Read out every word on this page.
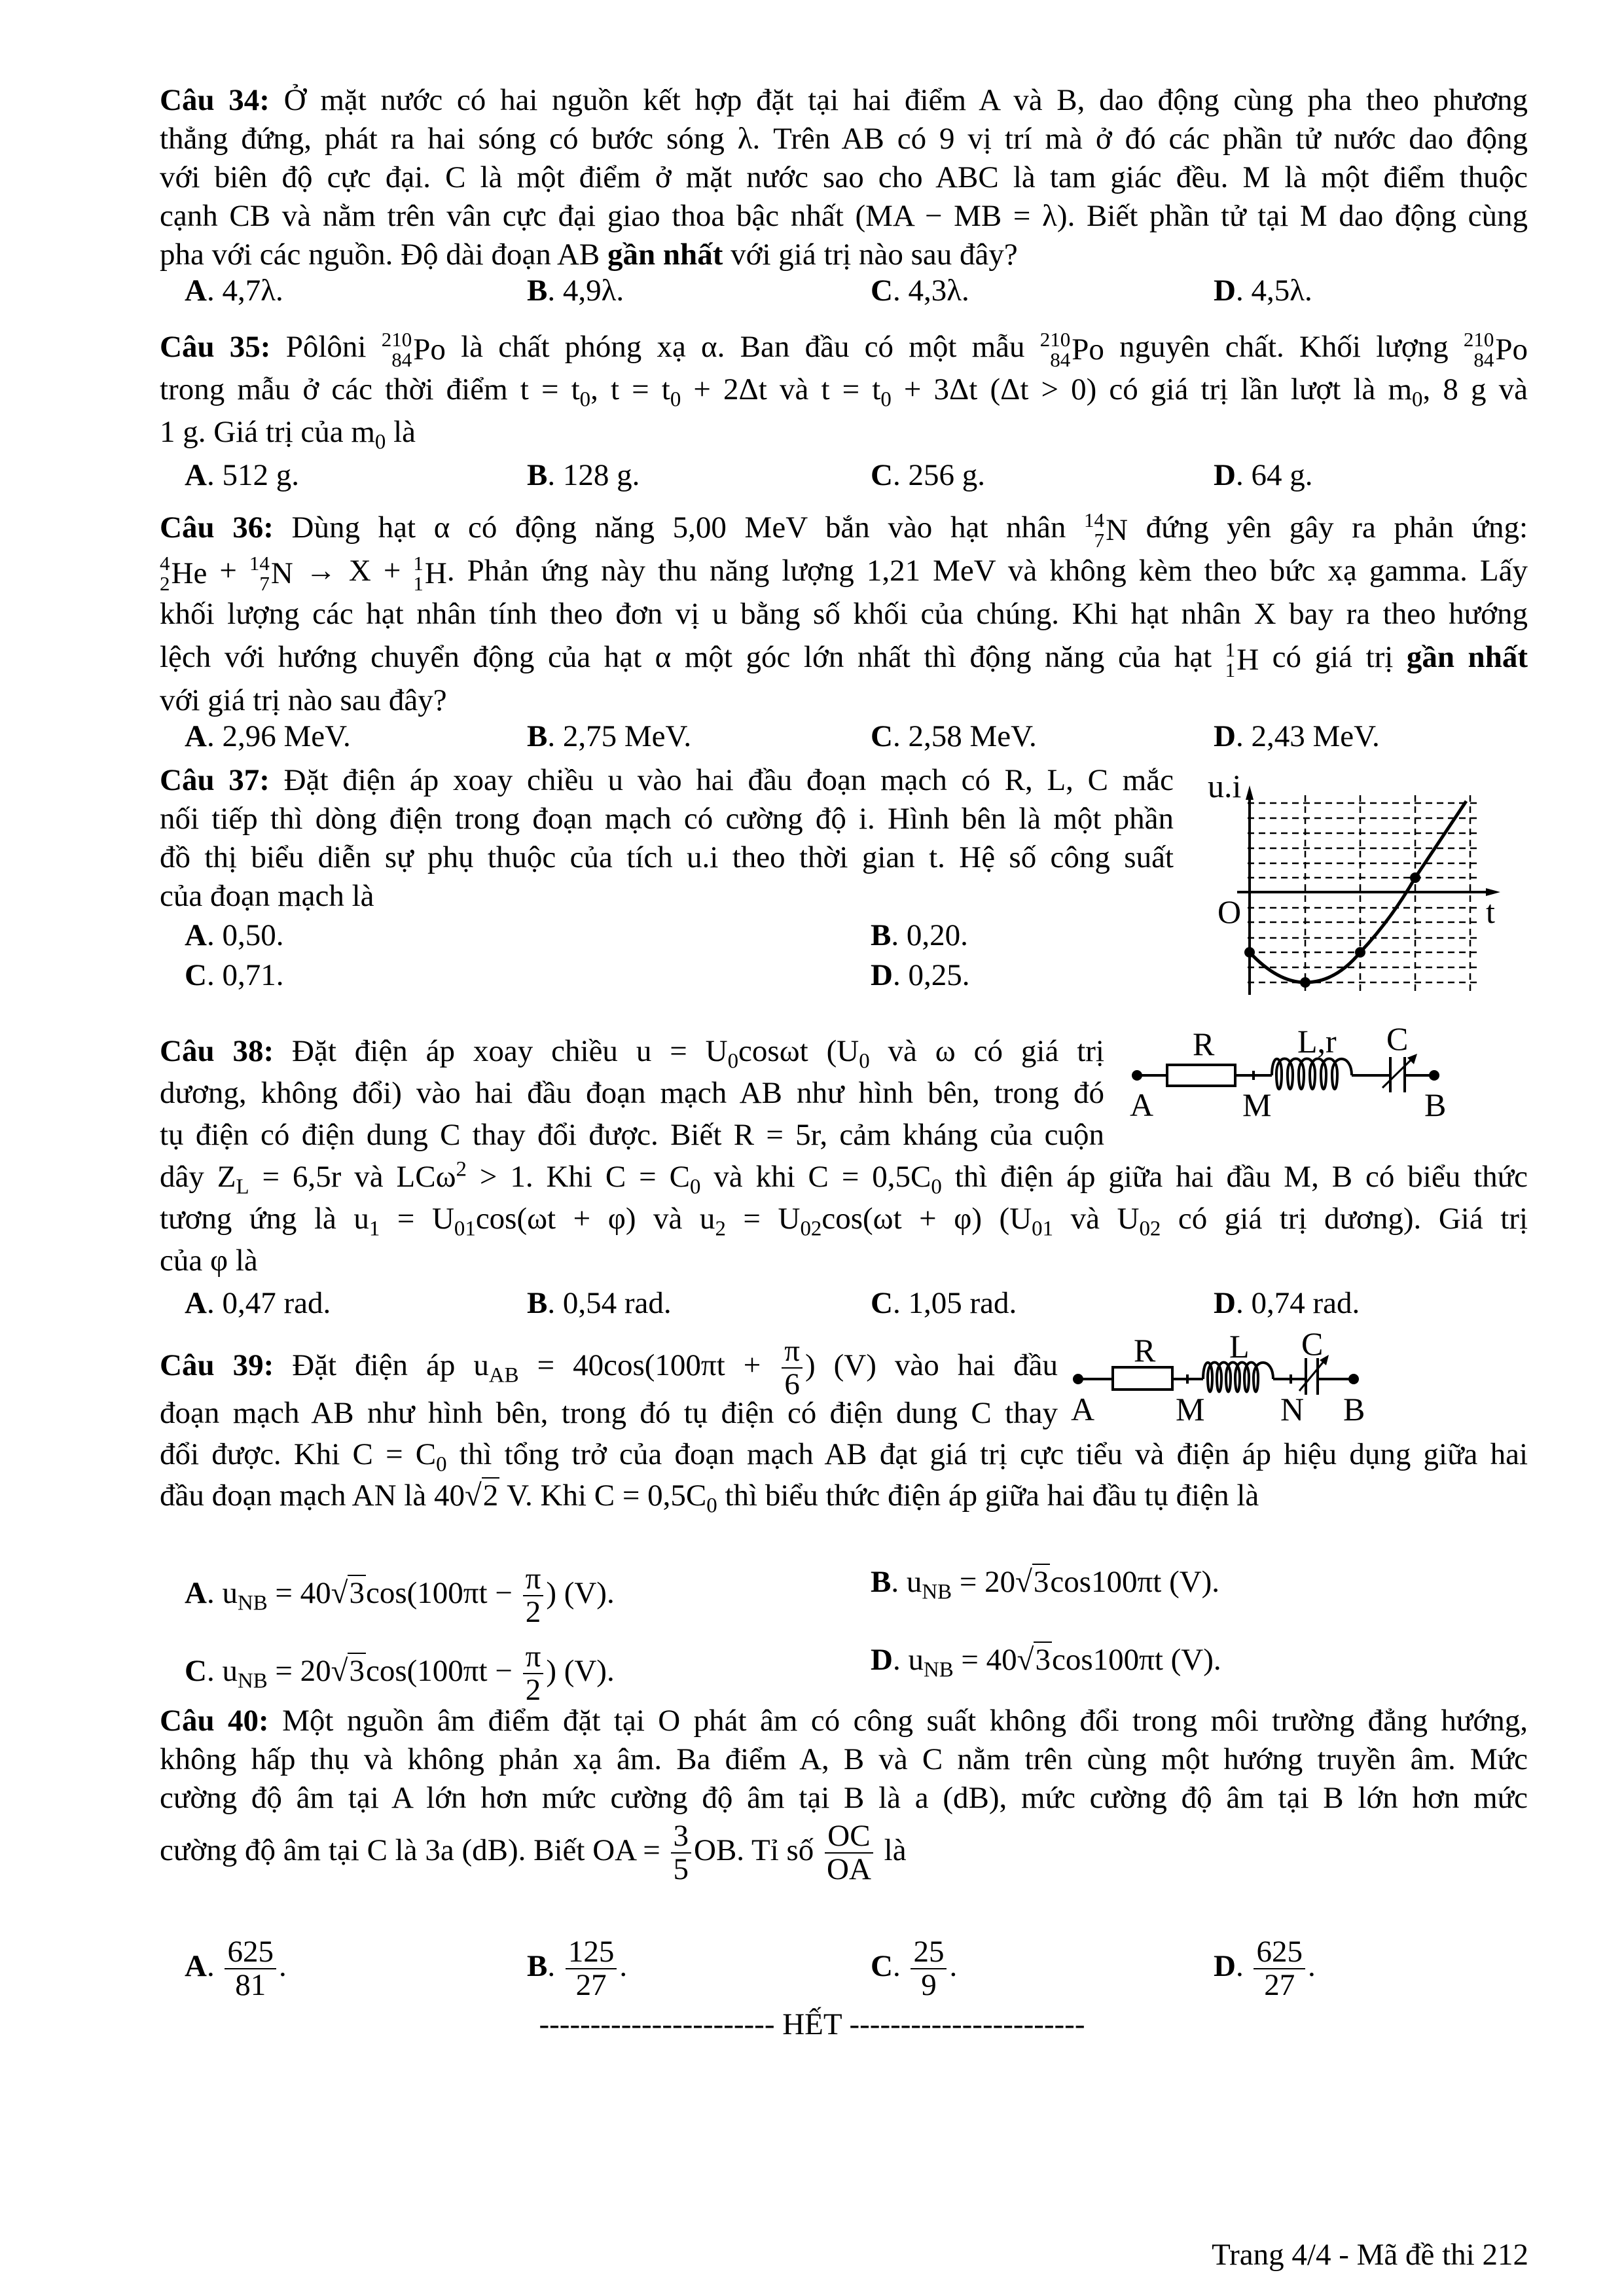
Câu 34: Ở mặt nước có hai nguồn kết hợp đặt tại hai điểm A và B, dao động cùng pha theo phương
thẳng đứng, phát ra hai sóng có bước sóng λ. Trên AB có 9 vị trí mà ở đó các phần tử nước dao động
với biên độ cực đại. C là một điểm ở mặt nước sao cho ABC là tam giác đều. M là một điểm thuộc
cạnh CB và nằm trên vân cực đại giao thoa bậc nhất (MA − MB = λ). Biết phần tử tại M dao động cùng
pha với các nguồn. Độ dài đoạn AB gần nhất với giá trị nào sau đây?
A. 4,7λ.	B. 4,9λ.	C. 4,3λ.	D. 4,5λ.
Câu 35: Pôlôni 210
84 Po là chất phóng xạ α. Ban đầu có một mẫu 210
84 Po nguyên chất. Khối lượng 210
84 Po
trong mẫu ở các thời điểm $t = t_0$, $t = t_0 + 2\Delta t$ và $t = t_0 + 3\Delta t$ (Δt > 0) có giá trị lần lượt là $m_0$, 8 g và
1 g. Giá trị của $m_0$ là
A. 512 g.	B. 128 g.	C. 256 g.	D. 64 g.
Câu 36: Dùng hạt α có động năng 5,00 MeV bắn vào hạt nhân 14
7 N đứng yên gây ra phản ứng:
4
2 He + 14
7 N → X + 1
1 H . Phản ứng này thu năng lượng 1,21 MeV và không kèm theo bức xạ gamma. Lấy
khối lượng các hạt nhân tính theo đơn vị u bằng số khối của chúng. Khi hạt nhân X bay ra theo hướng
lệch với hướng chuyển động của hạt α một góc lớn nhất thì động năng của hạt 1
1 H có giá trị gần nhất
với giá trị nào sau đây?
A. 2,96 MeV.	B. 2,75 MeV.	C. 2,58 MeV.	D. 2,43 MeV.
Câu 37: Đặt điện áp xoay chiều u vào hai đầu đoạn mạch có R, L, C mắc
nối tiếp thì dòng điện trong đoạn mạch có cường độ i. Hình bên là một phần
đồ thị biểu diễn sự phụ thuộc của tích u.i theo thời gian t. Hệ số công suất
của đoạn mạch là
A. 0,50.	B. 0,20.
C. 0,71.	D. 0,25.
Câu 38: Đặt điện áp xoay chiều $u = U_0\cos\omega t$ ($U_0$ và ω có giá trị
dương, không đổi) vào hai đầu đoạn mạch AB như hình bên, trong đó
tụ điện có điện dung C thay đổi được. Biết R = 5r, cảm kháng của cuộn
dây $Z_L = 6,5r$ và LCω$^2$ > 1. Khi $C = C_0$ và khi $C = 0,5C_0$ thì điện áp giữa hai đầu M, B có biểu thức
tương ứng là $u_1 = U_{01}\cos(\omega t + \varphi)$ và $u_2 = U_{02}\cos(\omega t + \varphi)$ ($U_{01}$ và $U_{02}$ có giá trị dương). Giá trị
của φ là
A. 0,47 rad.	B. 0,54 rad.	C. 1,05 rad.	D. 0,74 rad.
Câu 39: Đặt điện áp $u_{AB} = 40\cos(100\pi t + \frac{\pi}{6}$ ) (V) vào hai đầu
đoạn mạch AB như hình bên, trong đó tụ điện có điện dung C thay
đổi được. Khi $C = C_0$ thì tổng trở của đoạn mạch AB đạt giá trị cực tiểu và điện áp hiệu dụng giữa hai
đầu đoạn mạch AN là 40√2 V. Khi $C = 0,5C_0$ thì biểu thức điện áp giữa hai đầu tụ điện là
A. $u_{NB} = 40√3\cos(100\pi t - \frac{\pi}{2}$ ) (V).	B. $u_{NB} = 20√3\cos 100\pi t$ (V).
C. $u_{NB} = 20√3\cos(100\pi t - \frac{\pi}{2}$ ) (V).	D. $u_{NB} = 40√3\cos 100\pi t$ (V).
Câu 40: Một nguồn âm điểm đặt tại O phát âm có công suất không đổi trong môi trường đẳng hướng,
không hấp thụ và không phản xạ âm. Ba điểm A, B và C nằm trên cùng một hướng truyền âm. Mức
cường độ âm tại A lớn hơn mức cường độ âm tại B là a (dB), mức cường độ âm tại B lớn hơn mức
cường độ âm tại C là 3a (dB). Biết OA = $\frac{3}{5}$ OB. Tỉ số $\frac{OC}{OA}$ là
A. $\frac{625}{81}$ .	B. $\frac{125}{27}$ .	C. $\frac{25}{9}$ .	D. $\frac{625}{27}$ .
u.i
O	t
R	L,r C
A	M	B
R L C
A M N B
----------------------- HẾT -----------------------
Trang 4/4 - Mã đề thi 212
